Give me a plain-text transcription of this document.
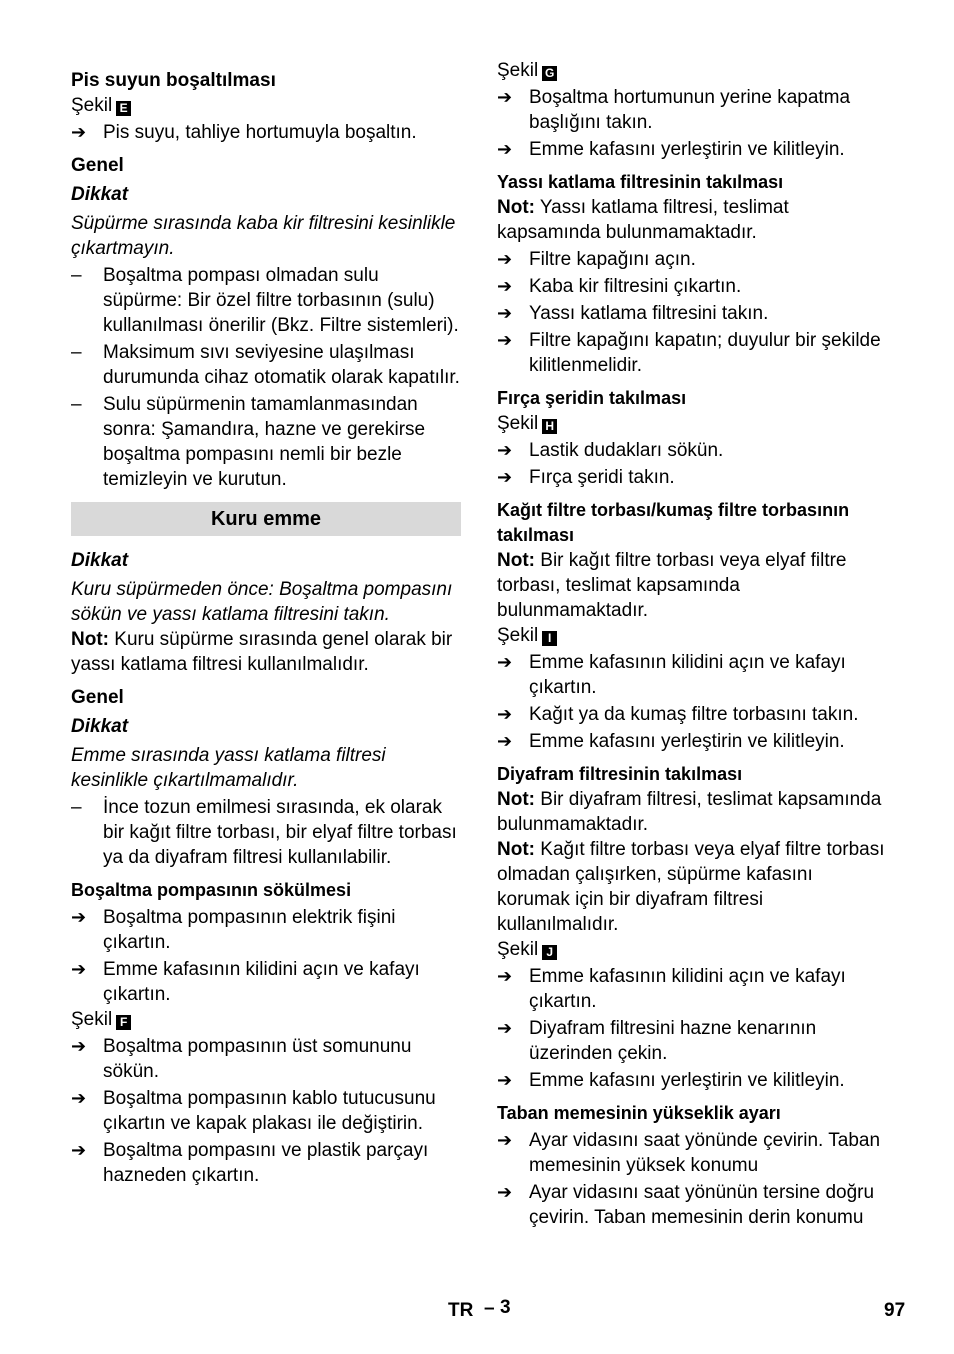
Pis suyun boşaltılması

Şekil E

➔ Pis suyu, tahliye hortumuyla boşaltın.

Genel

Dikkat

Süpürme sırasında kaba kir filtresini kesinlikle çıkartmayın.

–	Boşaltma pompası olmadan sulu süpürme: Bir özel filtre torbasının (sulu) kullanılması önerilir (Bkz. Filtre sistemleri).
–	Maksimum sıvı seviyesine ulaşılması durumunda cihaz otomatik olarak kapatılır.
–	Sulu süpürmenin tamamlanmasından sonra: Şamandıra, hazne ve gerekirse boşaltma pompasını nemli bir bezle temizleyin ve kurutun.
Kuru emme

Dikkat

Kuru süpürmeden önce: Boşaltma pompasını sökün ve yassı katlama filtresini takın.

Not: Kuru süpürme sırasında genel olarak bir yassı katlama filtresi kullanılmalıdır.

Genel

Dikkat

Emme sırasında yassı katlama filtresi kesinlikle çıkartılmamalıdır.

–	İnce tozun emilmesi sırasında, ek olarak bir kağıt filtre torbası, bir elyaf filtre torbası ya da diyafram filtresi kullanılabilir.

Boşaltma pompasının sökülmesi

➔ Boşaltma pompasının elektrik fişini çıkartın.
➔ Emme kafasının kilidini açın ve kafayı çıkartın.

Şekil F

➔ Boşaltma pompasının üst somununu sökün.
➔ Boşaltma pompasının kablo tutucusunu çıkartın ve kapak plakası ile değiştirin.
➔ Boşaltma pompasını ve plastik parçayı hazneden çıkartın.

Şekil G

➔ Boşaltma hortumunun yerine kapatma başlığını takın.
➔ Emme kafasını yerleştirin ve kilitleyin.

Yassı katlama filtresinin takılması

Not: Yassı katlama filtresi, teslimat kapsamında bulunmamaktadır.

➔ Filtre kapağını açın.
➔ Kaba kir filtresini çıkartın.
➔ Yassı katlama filtresini takın.
➔ Filtre kapağını kapatın; duyulur bir şekilde kilitlenmelidir.

Fırça şeridin takılması

Şekil H

➔ Lastik dudakları sökün.
➔ Fırça şeridi takın.

Kağıt filtre torbası/kumaş filtre torbasının takılması

Not: Bir kağıt filtre torbası veya elyaf filtre torbası, teslimat kapsamında bulunmamaktadır.

Şekil I

➔ Emme kafasının kilidini açın ve kafayı çıkartın.
➔ Kağıt ya da kumaş filtre torbasını takın.
➔ Emme kafasını yerleştirin ve kilitleyin.

Diyafram filtresinin takılması

Not: Bir diyafram filtresi, teslimat kapsamında bulunmamaktadır.

Not: Kağıt filtre torbası veya elyaf filtre torbası olmadan çalışırken, süpürme kafasını korumak için bir diyafram filtresi kullanılmalıdır.

Şekil J

➔ Emme kafasının kilidini açın ve kafayı çıkartın.
➔ Diyafram filtresini hazne kenarının üzerinden çekin.
➔ Emme kafasını yerleştirin ve kilitleyin.

Taban memesinin yükseklik ayarı

➔ Ayar vidasını saat yönünde çevirin. Taban memesinin yüksek konumu
➔ Ayar vidasını saat yönünün tersine doğru çevirin. Taban memesinin derin konumu
TR – 3	97
